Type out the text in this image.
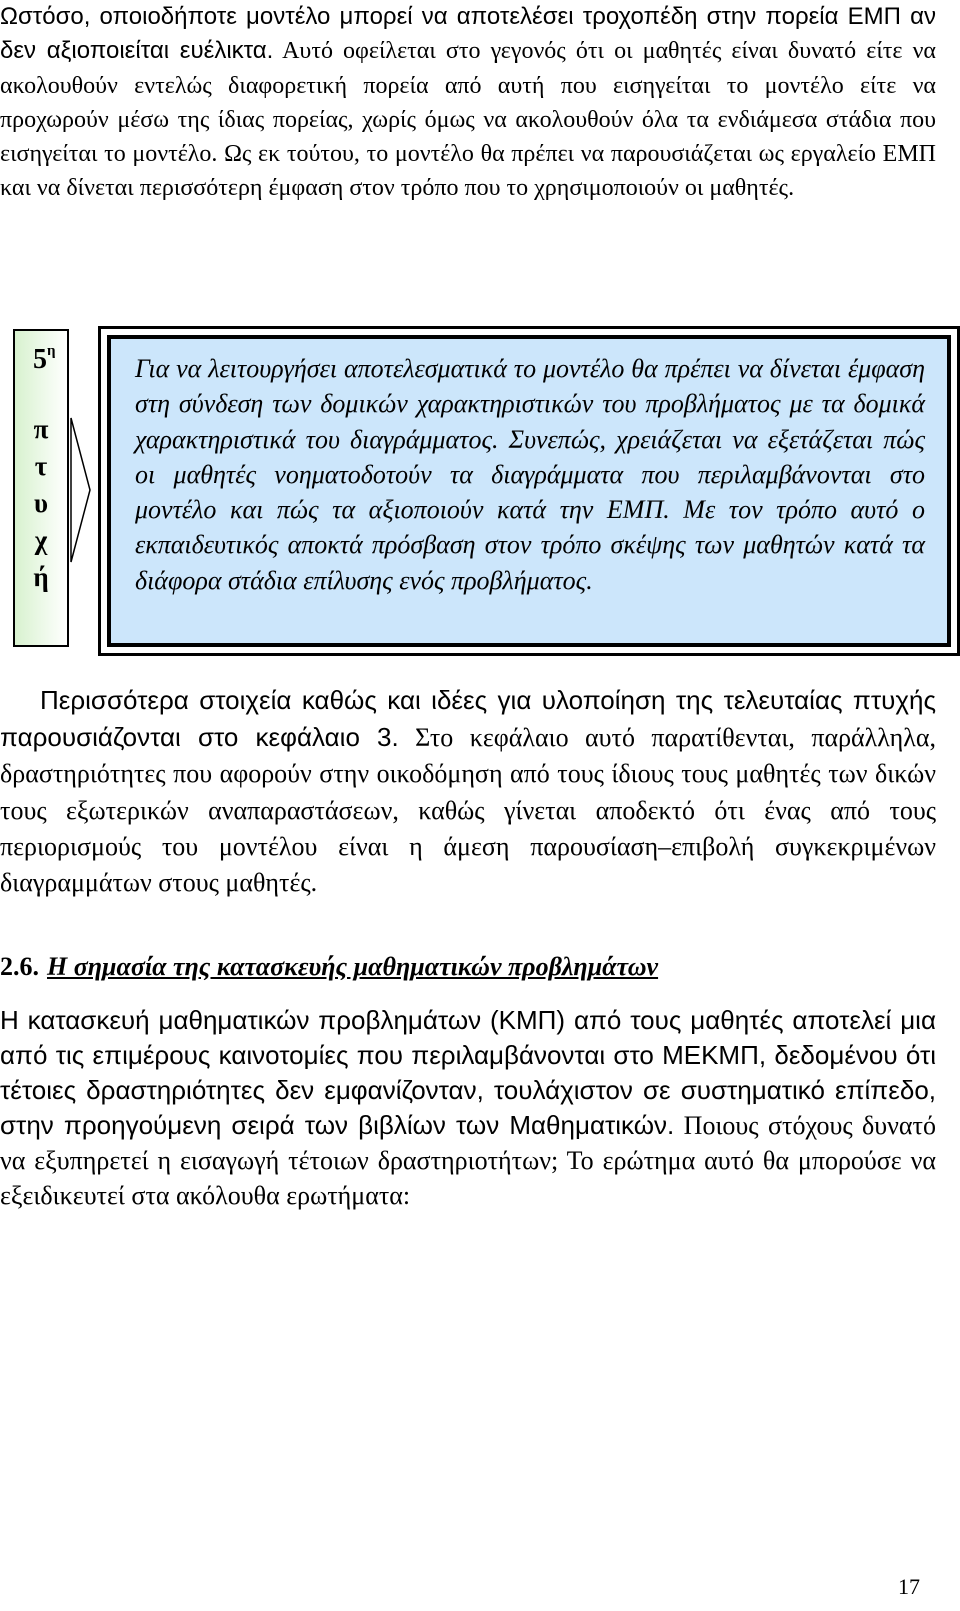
Ωστόσο, οποιοδήποτε μοντέλο μπορεί να αποτελέσει τροχοπέδη στην πορεία ΕΜΠ αν δεν αξιοποιείται ευέλικτα. Αυτό οφείλεται στο γεγονός ότι οι μαθητές είναι δυνατό είτε να ακολουθούν εντελώς διαφορετική πορεία από αυτή που εισηγείται το μοντέλο είτε να προχωρούν μέσω της ίδιας πορείας, χωρίς όμως να ακολουθούν όλα τα ενδιάμεσα στάδια που εισηγείται το μοντέλο. Ως εκ τούτου, το μοντέλο θα πρέπει να παρουσιάζεται ως εργαλείο ΕΜΠ και να δίνεται περισσότερη έμφαση στον τρόπο που το χρησιμοποιούν οι μαθητές.

$5^\eta$
π
τ
υ
χ
ή

Για να λειτουργήσει αποτελεσματικά το μοντέλο θα πρέπει να δίνεται έμφαση στη σύνδεση των δομικών χαρακτηριστικών του προβλήματος με τα δομικά χαρακτηριστικά του διαγράμματος. Συνεπώς, χρειάζεται να εξετάζεται πώς οι μαθητές νοηματοδοτούν τα διαγράμματα που περιλαμβάνονται στο μοντέλο και πώς τα αξιοποιούν κατά την ΕΜΠ. Με τον τρόπο αυτό ο εκπαιδευτικός αποκτά πρόσβαση στον τρόπο σκέψης των μαθητών κατά τα διάφορα στάδια επίλυσης ενός προβλήματος.

Περισσότερα στοιχεία καθώς και ιδέες για υλοποίηση της τελευταίας πτυχής παρουσιάζονται στο κεφάλαιο 3. Στο κεφάλαιο αυτό παρατίθενται, παράλληλα, δραστηριότητες που αφορούν στην οικοδόμηση από τους ίδιους τους μαθητές των δικών τους εξωτερικών αναπαραστάσεων, καθώς γίνεται αποδεκτό ότι ένας από τους περιορισμούς του μοντέλου είναι η άμεση παρουσίαση–επιβολή συγκεκριμένων διαγραμμάτων στους μαθητές.

2.6. Η σημασία της κατασκευής μαθηματικών προβλημάτων

Η κατασκευή μαθηματικών προβλημάτων (ΚΜΠ) από τους μαθητές αποτελεί μια από τις επιμέρους καινοτομίες που περιλαμβάνονται στο ΜΕΚΜΠ, δεδομένου ότι τέτοιες δραστηριότητες δεν εμφανίζονταν, τουλάχιστον σε συστηματικό επίπεδο, στην προηγούμενη σειρά των βιβλίων των Μαθηματικών. Ποιους στόχους δυνατό να εξυπηρετεί η εισαγωγή τέτοιων δραστηριοτήτων; Το ερώτημα αυτό θα μπορούσε να εξειδικευτεί στα ακόλουθα ερωτήματα:

17
